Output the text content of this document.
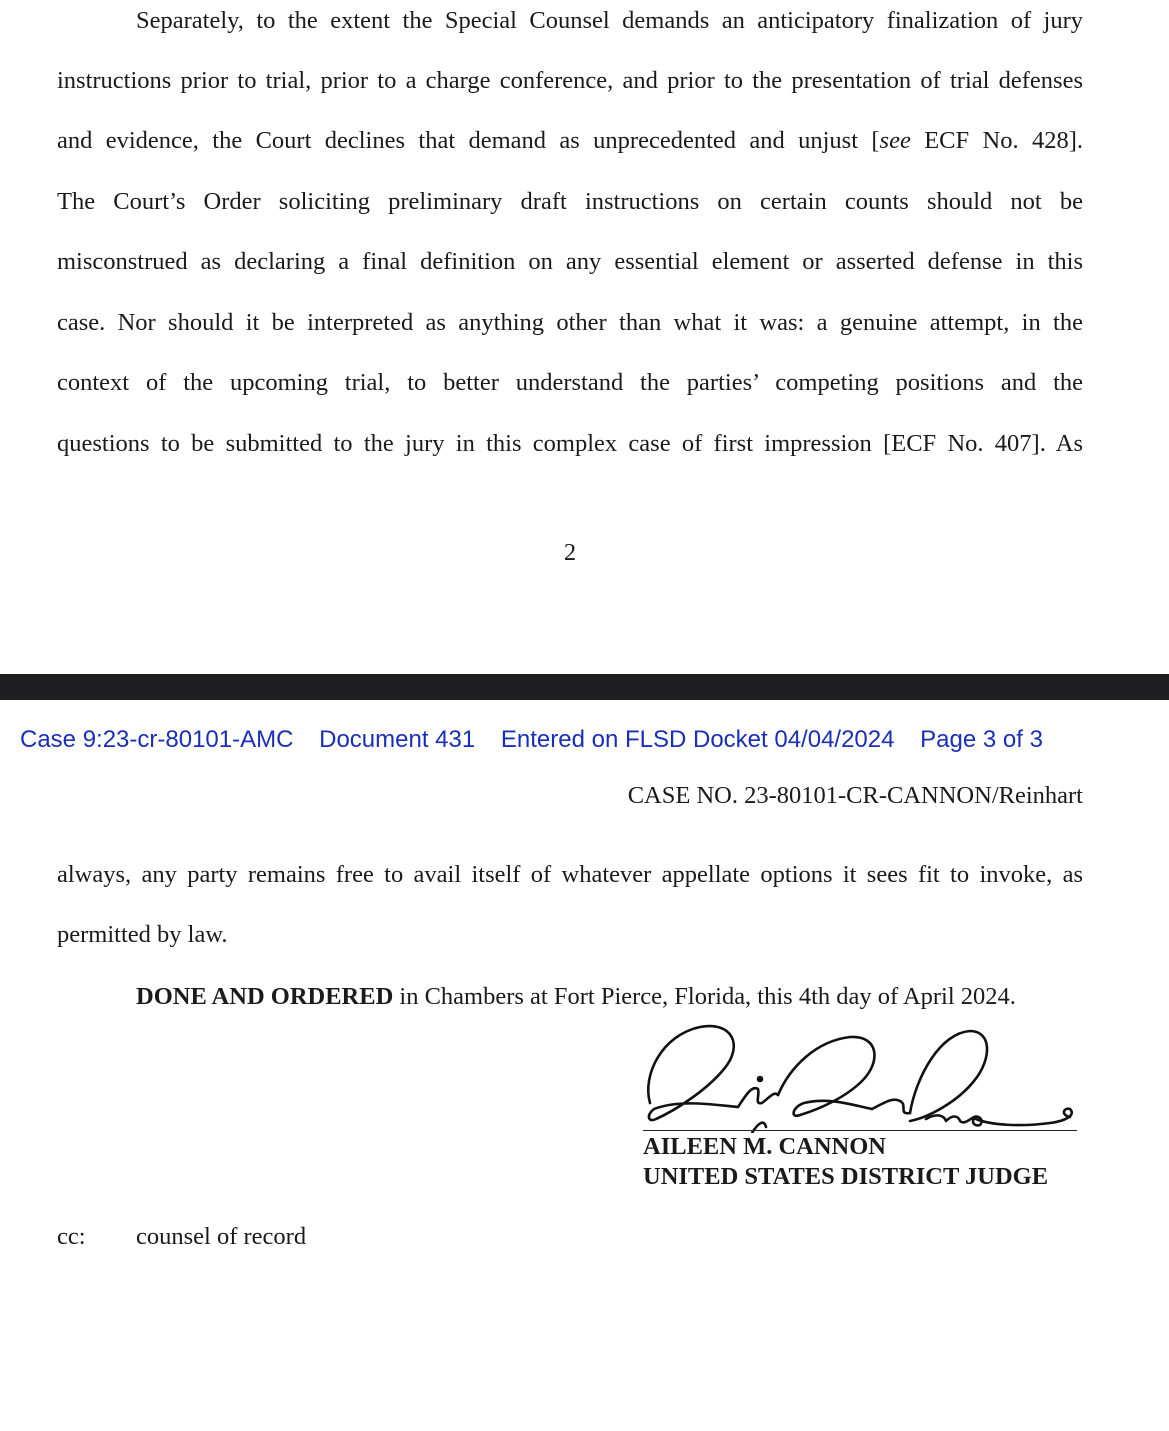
Separately, to the extent the Special Counsel demands an anticipatory finalization of jury
instructions prior to trial, prior to a charge conference, and prior to the presentation of trial defenses
and evidence, the Court declines that demand as unprecedented and unjust [see ECF No. 428].
The Court’s Order soliciting preliminary draft instructions on certain counts should not be
misconstrued as declaring a final definition on any essential element or asserted defense in this
case. Nor should it be interpreted as anything other than what it was: a genuine attempt, in the
context of the upcoming trial, to better understand the parties’ competing positions and the
questions to be submitted to the jury in this complex case of first impression [ECF No. 407]. As
2
Case 9:23-cr-80101-AMC Document 431 Entered on FLSD Docket 04/04/2024 Page 3 of 3
CASE NO. 23-80101-CR-CANNON/Reinhart
always, any party remains free to avail itself of whatever appellate options it sees fit to invoke, as
permitted by law.
DONE AND ORDERED in Chambers at Fort Pierce, Florida, this 4th day of April 2024.
AILEEN M. CANNON
UNITED STATES DISTRICT JUDGE
cc: counsel of record
